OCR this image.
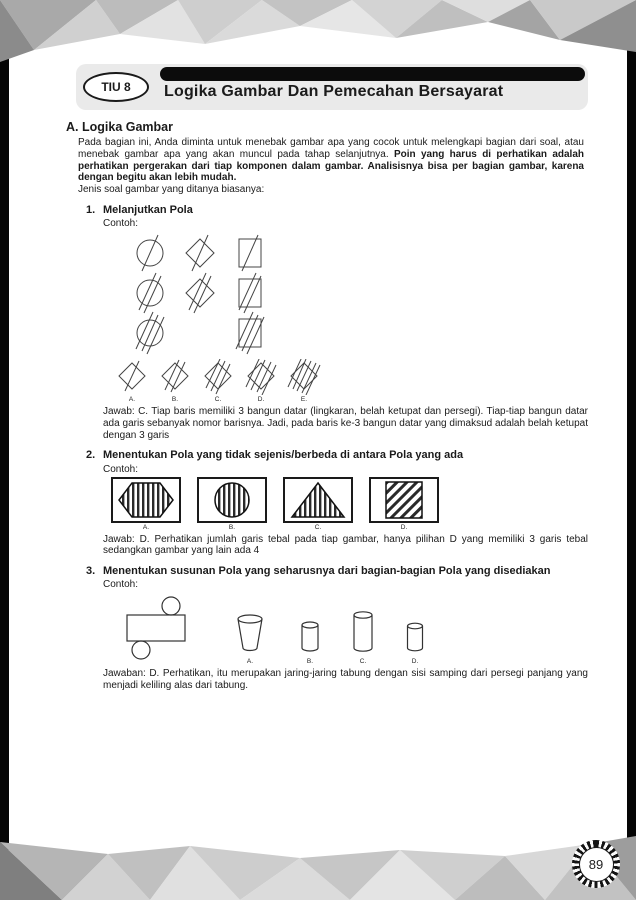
TIU 8 Logika Gambar Dan Pemecahan Bersayarat
A. Logika Gambar

Pada bagian ini, Anda diminta untuk menebak gambar apa yang cocok untuk melengkapi bagian dari soal, atau menebak gambar apa yang akan muncul pada tahap selanjutnya. Poin yang harus di perhatikan adalah perhatikan pergerakan dari tiap komponen dalam gambar. Analisisnya bisa per bagian gambar, karena dengan begitu akan lebih mudah.

Jenis soal gambar yang ditanya biasanya:

1. Melanjutkan Pola
Contoh:
A.	B.	C.	D.	E.

Jawab: C. Tiap baris memiliki 3 bangun datar (lingkaran, belah ketupat dan persegi). Tiap-tiap bangun datar ada garis sebanyak nomor barisnya. Jadi, pada baris ke-3 bangun datar yang dimaksud adalah belah ketupat dengan 3 garis

2. Menentukan Pola yang tidak sejenis/berbeda di antara Pola yang ada
Contoh:
A.	B.	C.	D.

Jawab: D. Perhatikan jumlah garis tebal pada tiap gambar, hanya pilihan D yang memiliki 3 garis tebal sedangkan gambar yang lain ada 4

3. Menentukan susunan Pola yang seharusnya dari bagian-bagian Pola yang disediakan
Contoh:
A.	B.	C.	D.

Jawaban: D. Perhatikan, itu merupakan jaring-jaring tabung dengan sisi samping dari persegi panjang yang menjadi keliling alas dari tabung.

89
